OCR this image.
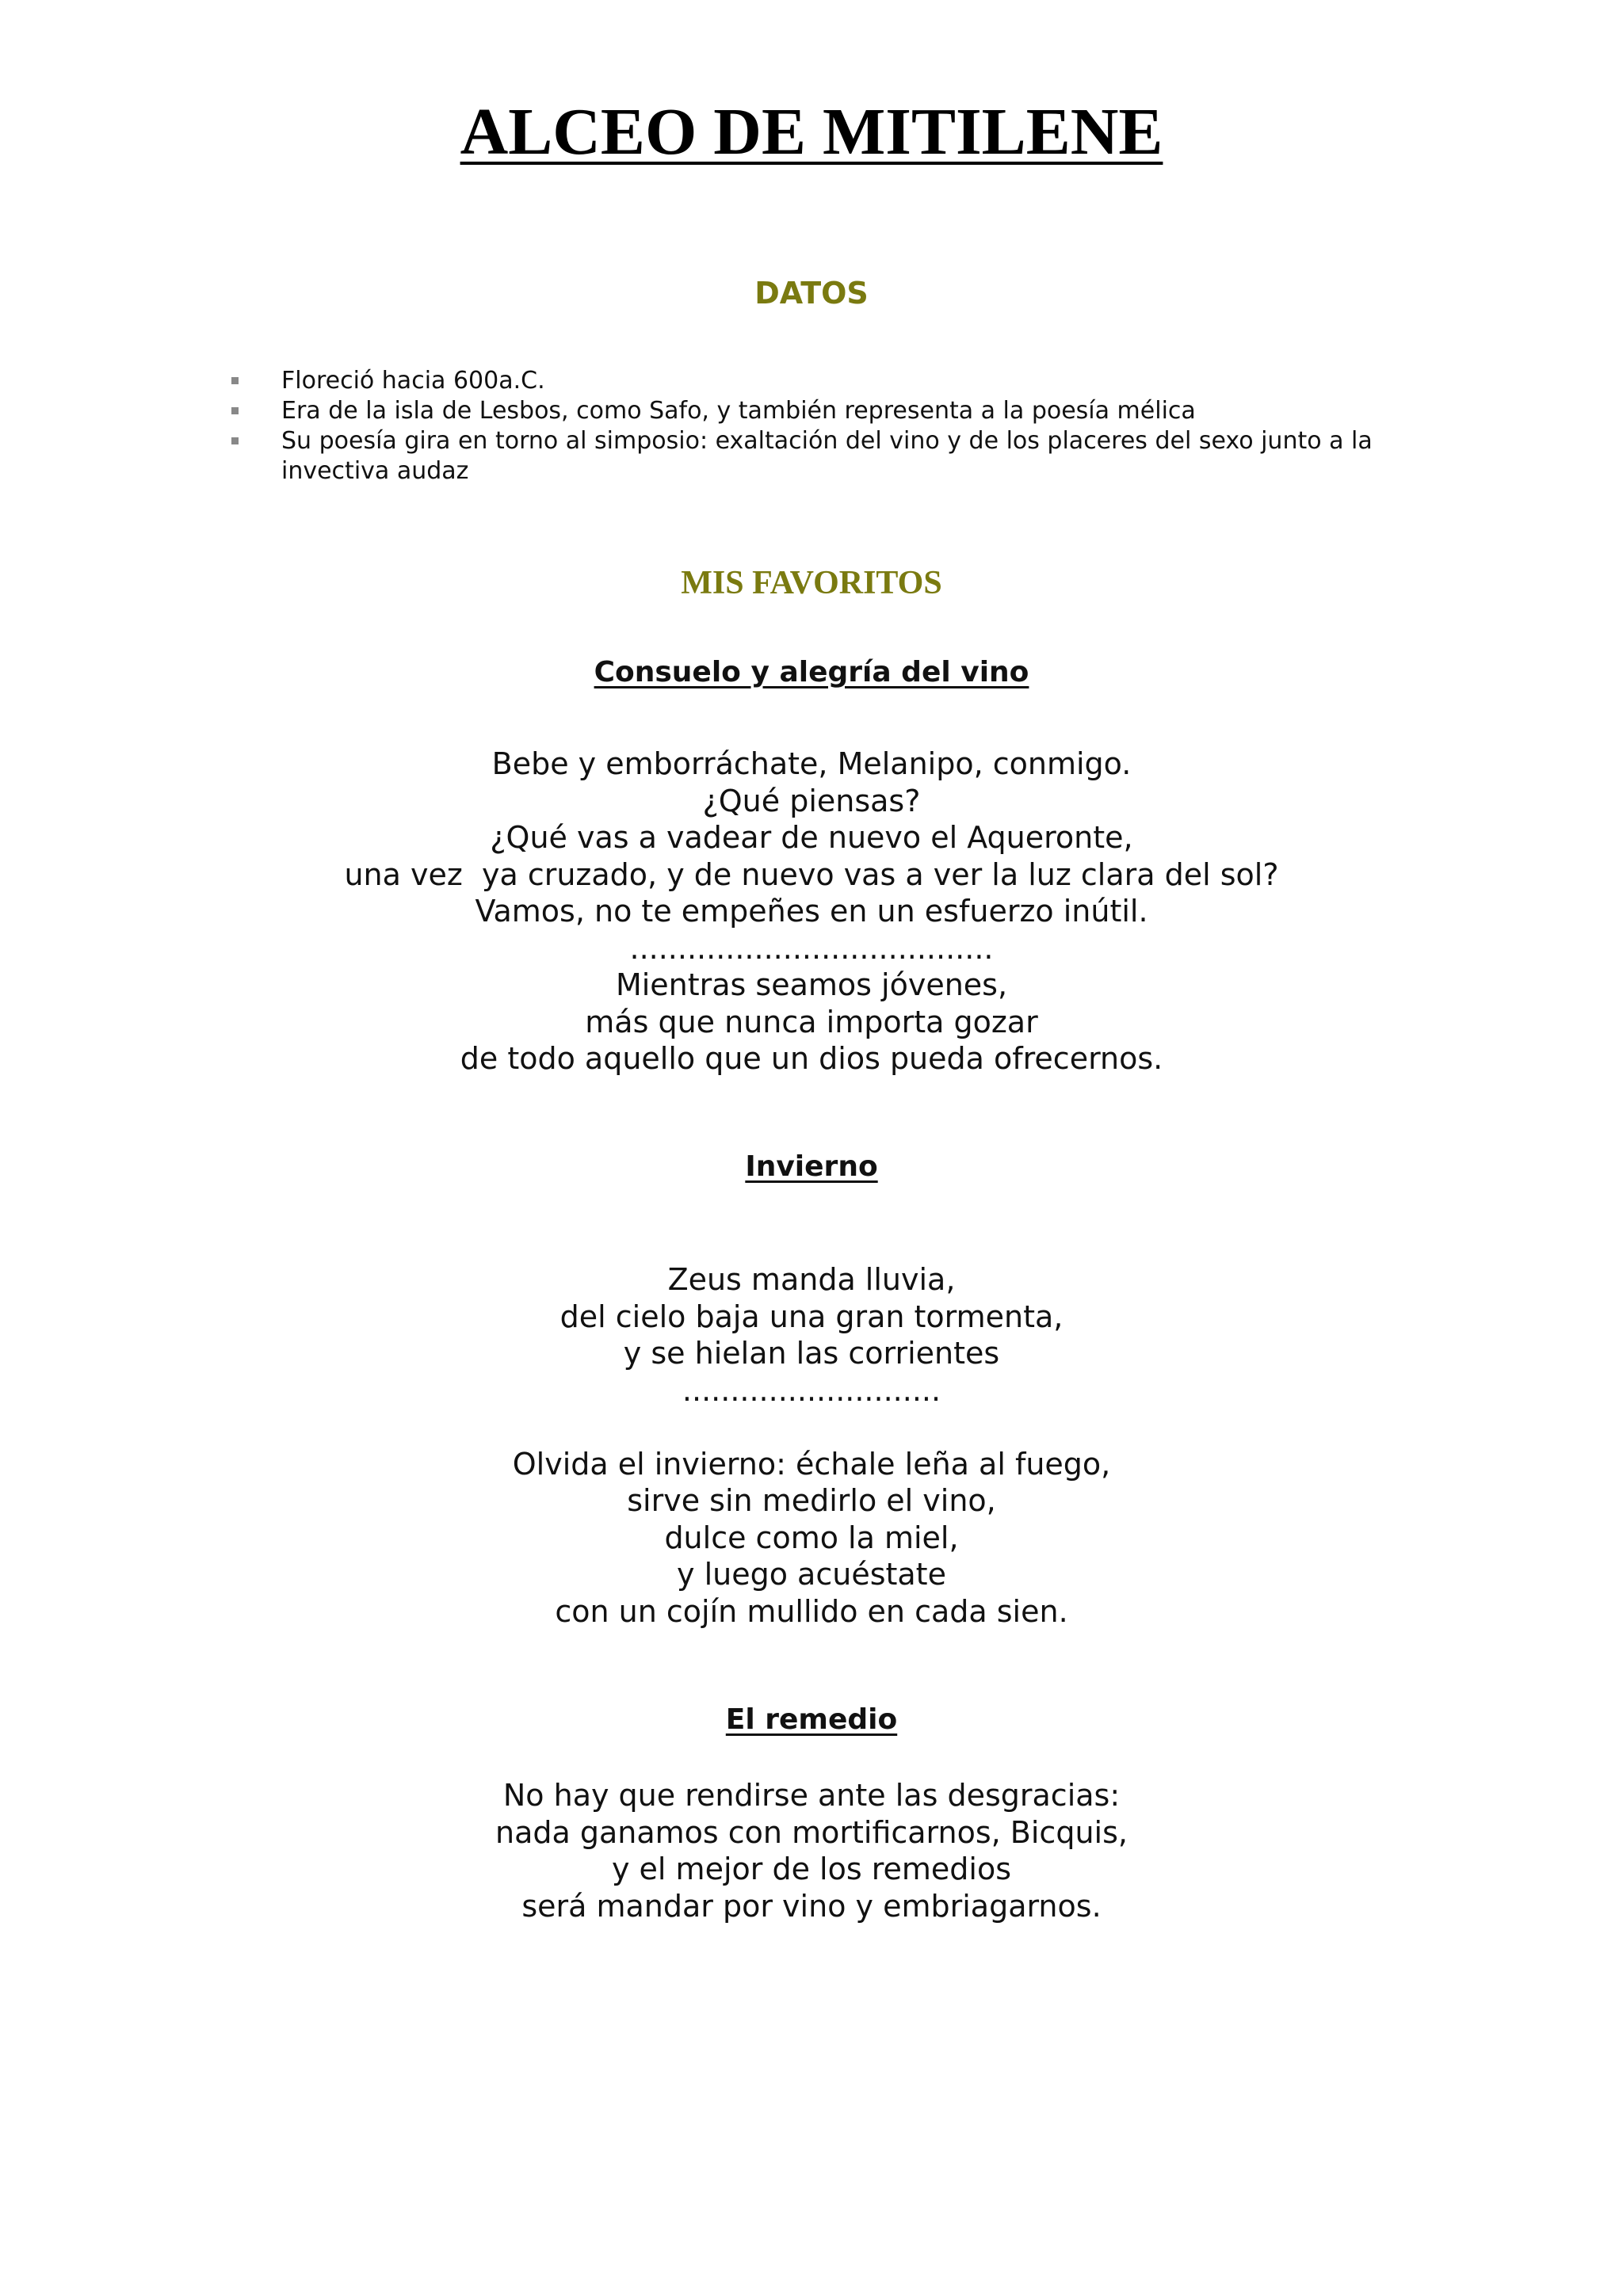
ALCEO DE MITILENE
DATOS
Floreció hacia 600a.C.
Era de la isla de Lesbos, como Safo, y también representa a la poesía mélica
Su poesía gira en torno al simposio: exaltación del vino y de los placeres del sexo junto a la invectiva audaz
MIS FAVORITOS
Consuelo y alegría del vino
Bebe y emborráchate, Melanipo, conmigo.
¿Qué piensas?
¿Qué vas a vadear de nuevo el Aqueronte,
una vez  ya cruzado, y de nuevo vas a ver la luz clara del sol?
Vamos, no te empeñes en un esfuerzo inútil.
......................................
Mientras seamos jóvenes,
más que nunca importa gozar
de todo aquello que un dios pueda ofrecernos.
Invierno
Zeus manda lluvia,
del cielo baja una gran tormenta,
y se hielan las corrientes
...........................
Olvida el invierno: échale leña al fuego,
sirve sin medirlo el vino,
dulce como la miel,
y luego acuéstate
con un cojín mullido en cada sien.
El remedio
No hay que rendirse ante las desgracias:
nada ganamos con mortificarnos, Bicquis,
y el mejor de los remedios
será mandar por vino y embriagarnos.
